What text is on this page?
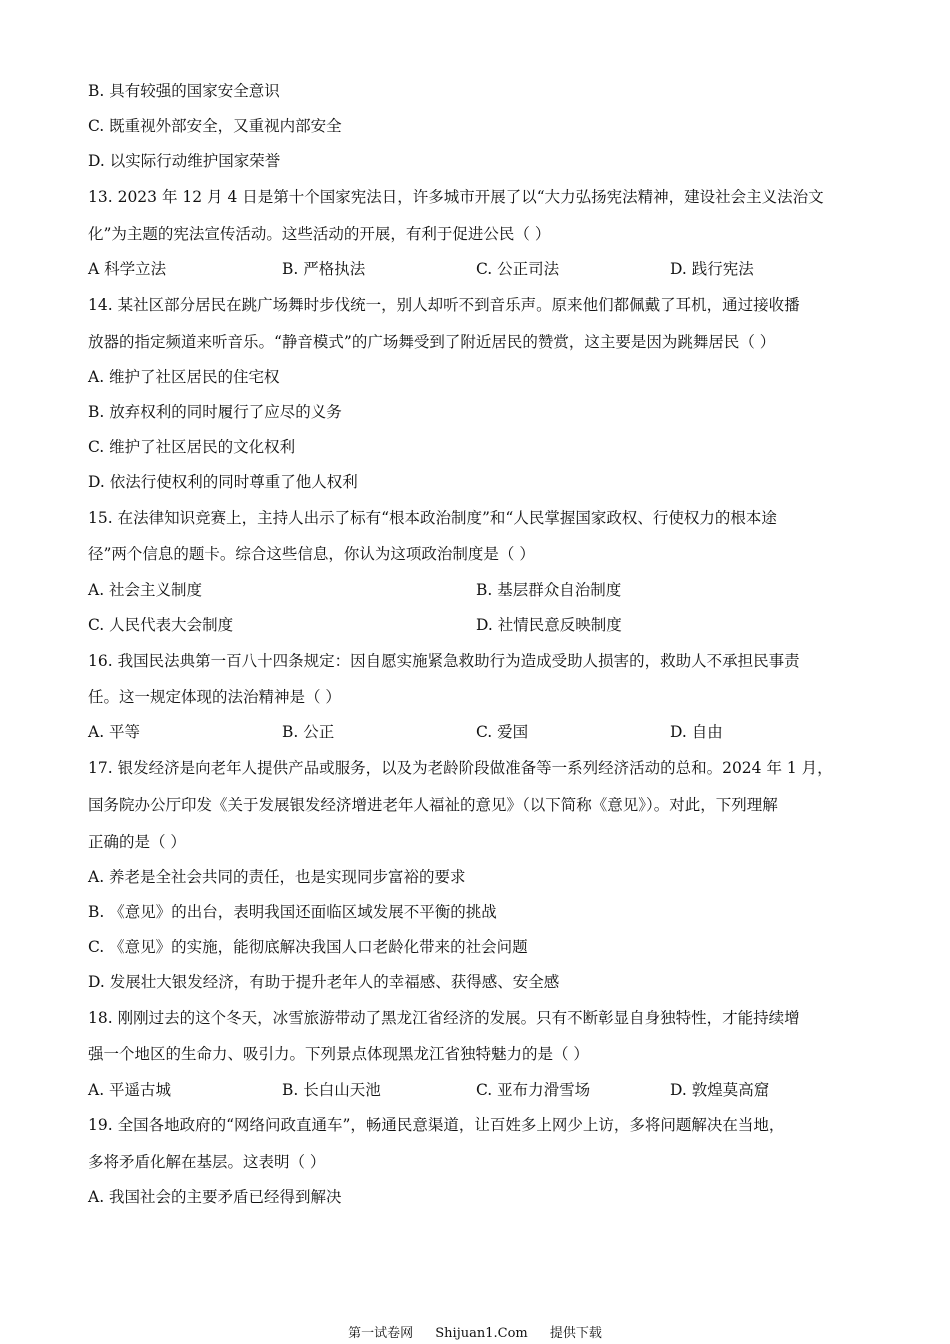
B. 具有较强的国家安全意识
C. 既重视外部安全，又重视内部安全
D. 以实际行动维护国家荣誉
13. 2023 年 12 月 4 日是第十个国家宪法日，许多城市开展了以“大力弘扬宪法精神，建设社会主义法治文
化”为主题的宪法宣传活动。这些活动的开展，有利于促进公民（ ）
A 科学立法	B. 严格执法	C. 公正司法	D. 践行宪法
14. 某社区部分居民在跳广场舞时步伐统一，别人却听不到音乐声。原来他们都佩戴了耳机，通过接收播
放器的指定频道来听音乐。“静音模式”的广场舞受到了附近居民的赞赏，这主要是因为跳舞居民（ ）
A. 维护了社区居民的住宅权
B. 放弃权利的同时履行了应尽的义务
C. 维护了社区居民的文化权利
D. 依法行使权利的同时尊重了他人权利
15. 在法律知识竞赛上，主持人出示了标有“根本政治制度”和“人民掌握国家政权、行使权力的根本途
径”两个信息的题卡。综合这些信息，你认为这项政治制度是（ ）
A. 社会主义制度	B. 基层群众自治制度
C. 人民代表大会制度	D. 社情民意反映制度
16. 我国民法典第一百八十四条规定：因自愿实施紧急救助行为造成受助人损害的，救助人不承担民事责
任。这一规定体现的法治精神是（ ）
A. 平等	B. 公正	C. 爱国	D. 自由
17. 银发经济是向老年人提供产品或服务，以及为老龄阶段做准备等一系列经济活动的总和。2024 年 1 月，
国务院办公厅印发《关于发展银发经济增进老年人福祉的意见》（以下简称《意见》）。对此，下列理解
正确的是（ ）
A. 养老是全社会共同的责任，也是实现同步富裕的要求
B. 《意见》的出台，表明我国还面临区域发展不平衡的挑战
C. 《意见》的实施，能彻底解决我国人口老龄化带来的社会问题
D. 发展壮大银发经济，有助于提升老年人的幸福感、获得感、安全感
18. 刚刚过去的这个冬天，冰雪旅游带动了黑龙江省经济的发展。只有不断彰显自身独特性，才能持续增
强一个地区的生命力、吸引力。下列景点体现黑龙江省独特魅力的是（ ）
A. 平遥古城	B. 长白山天池	C. 亚布力滑雪场	D. 敦煌莫高窟
19. 全国各地政府的“网络问政直通车”，畅通民意渠道，让百姓多上网少上访，多将问题解决在当地，
多将矛盾化解在基层。这表明（ ）
A. 我国社会的主要矛盾已经得到解决
第一试卷网 Shijuan1.Com 提供下载
